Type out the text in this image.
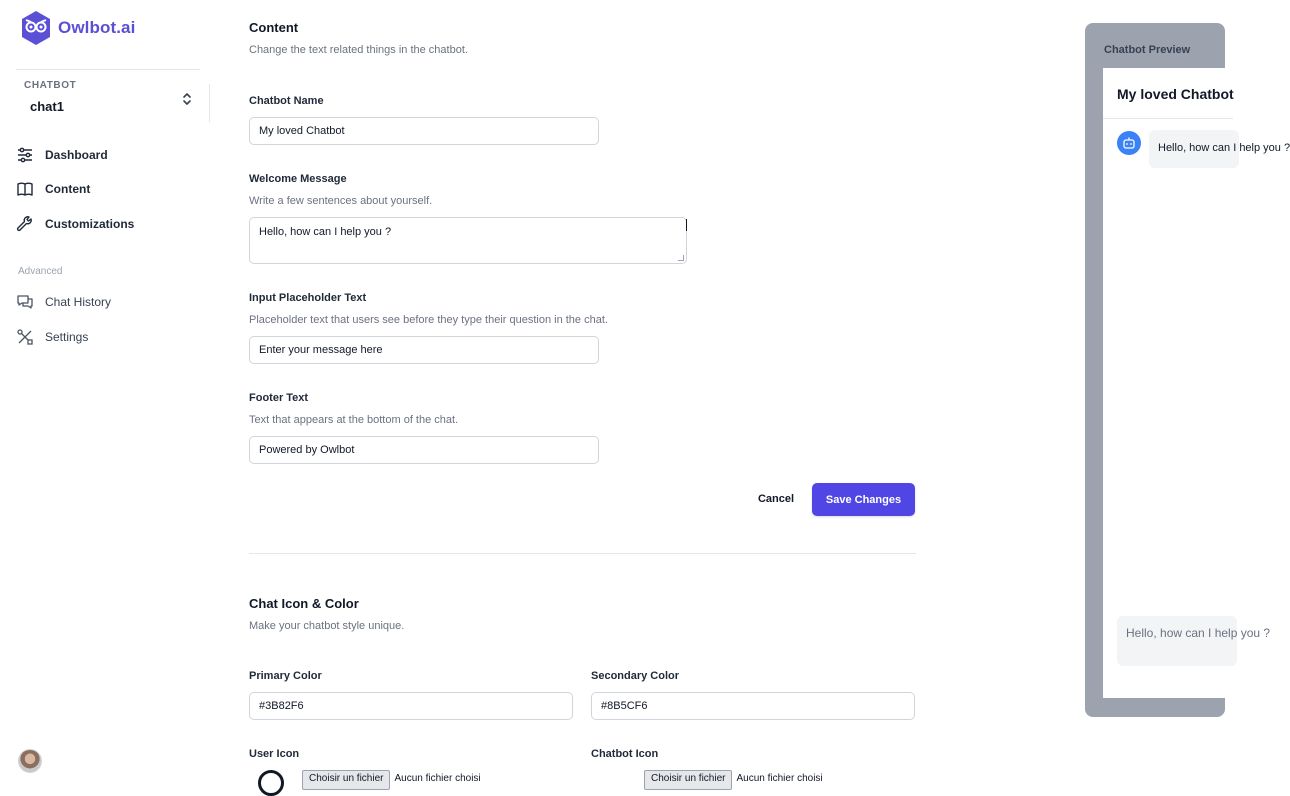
Owlbot.ai
CHATBOT
chat1
Dashboard
Content
Customizations
Advanced
Chat History
Settings
Content
Change the text related things in the chatbot.
Chatbot Name
My loved Chatbot
Welcome Message
Write a few sentences about yourself.
Hello, how can I help you ?
Input Placeholder Text
Placeholder text that users see before they type their question in the chat.
Enter your message here
Footer Text
Text that appears at the bottom of the chat.
Powered by Owlbot
Cancel	Save Changes
Chat Icon & Color
Make your chatbot style unique.
Primary Color
#3B82F6
Secondary Color
#8B5CF6
User Icon
Choisir un fichier	Aucun fichier choisi
Chatbot Icon
Choisir un fichier	Aucun fichier choisi
Chatbot Preview
My loved Chatbot
Hello, how can I help you ?
Hello, how can I help you ?
